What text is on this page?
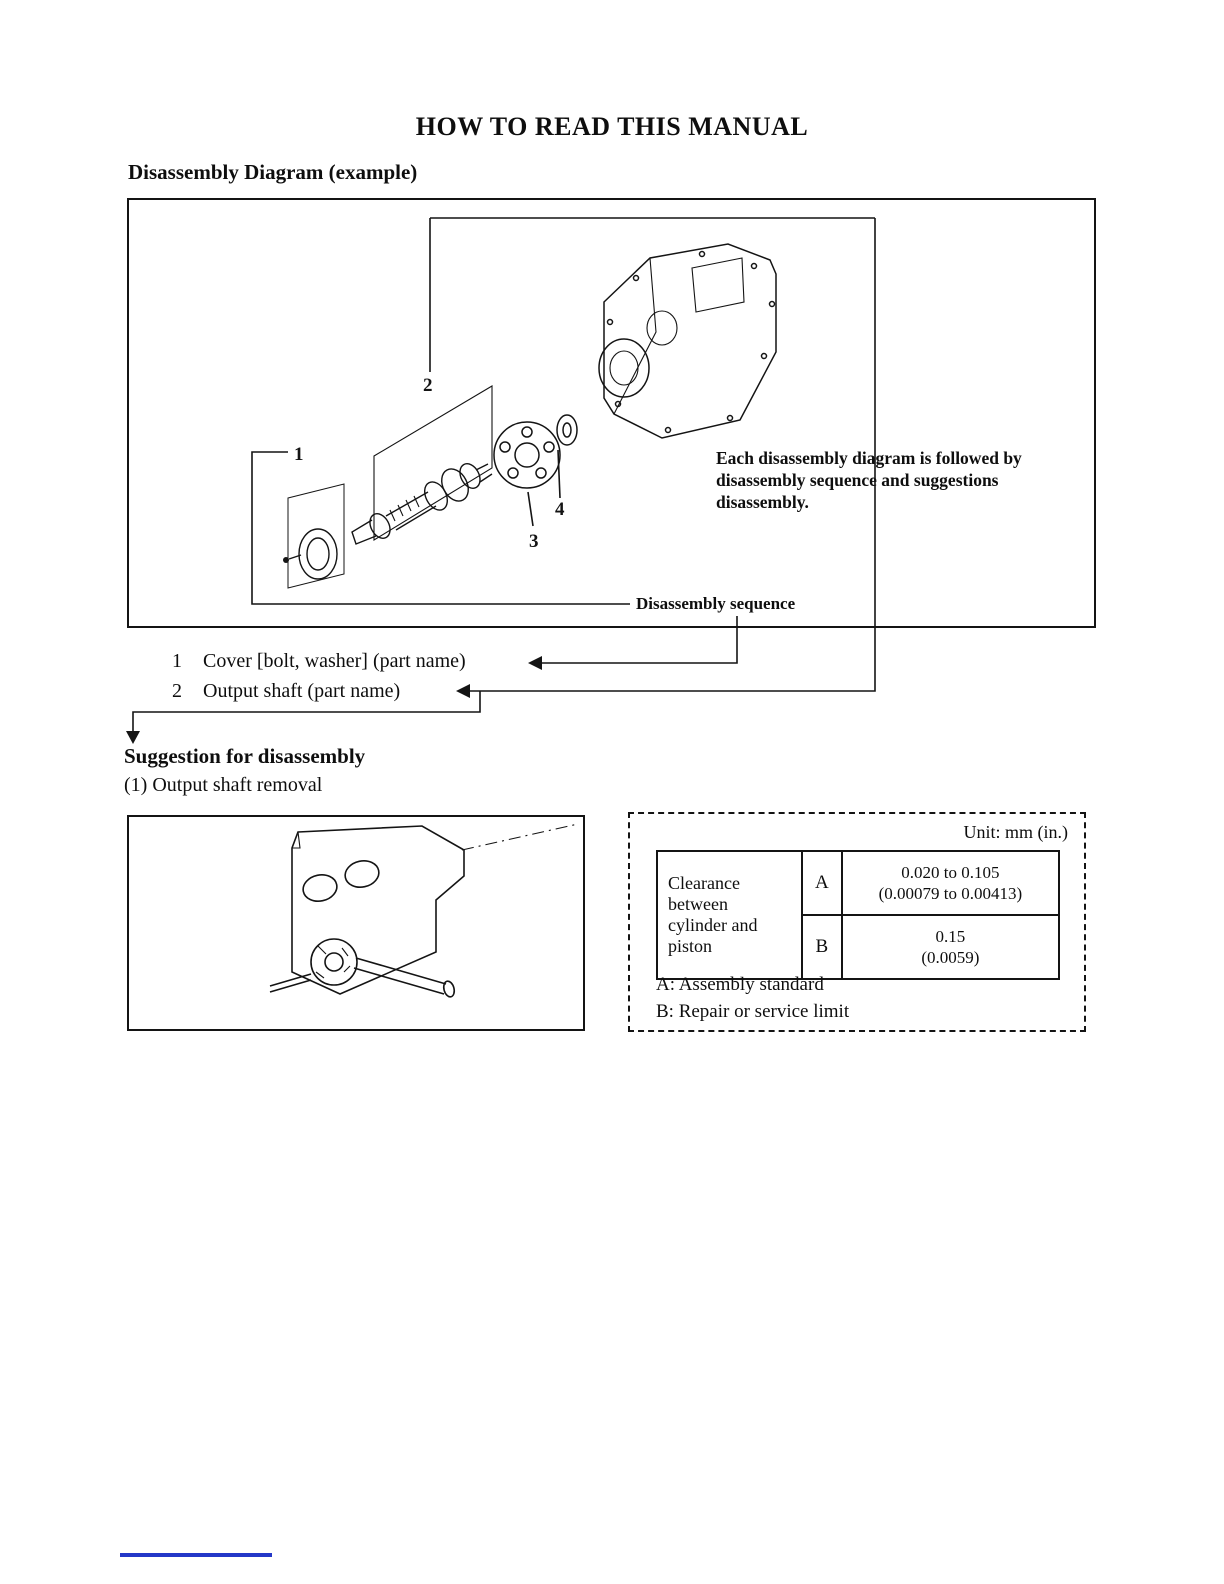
HOW TO READ THIS MANUAL
Disassembly Diagram (example)
Each disassembly diagram is followed by disassembly sequence and suggestions disassembly.
Disassembly sequence
1	Cover [bolt, washer] (part name)
2	Output shaft (part name)
Suggestion for disassembly
(1) Output shaft removal
Unit: mm (in.)
Clearance between cylinder and piston	A	0.020 to 0.105
(0.00079 to 0.00413)

	B	0.15
(0.0059)
A: Assembly standard
B: Repair or service limit
2
1
3
4
